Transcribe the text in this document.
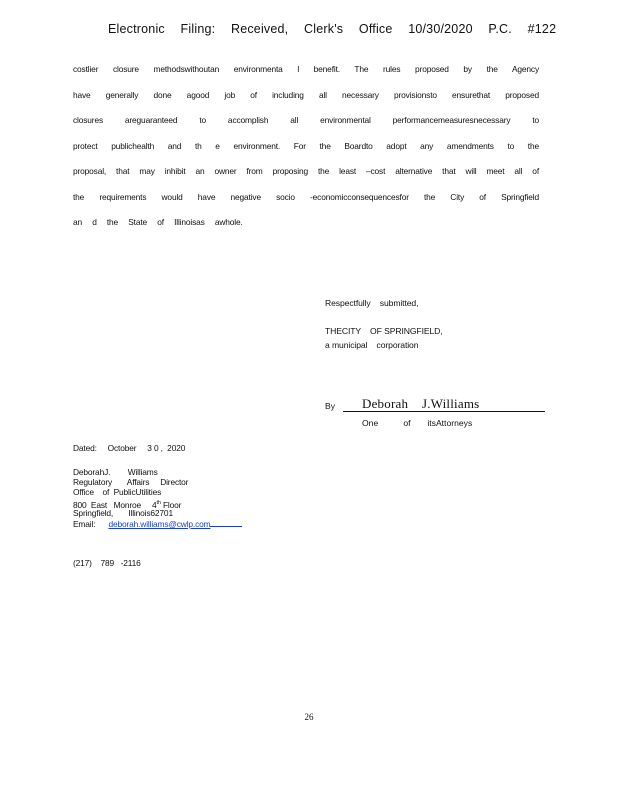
Electronic Filing: Received, Clerk's Office 10/30/2020 P.C. #122
costlier closure methodswithoutan environmenta l benefit. The rules proposed by the Agency
have generally done agood job of including all necessary provisionsto ensurethat proposed
closures areguaranteed to accomplish all environmental performancemeasuresnecessary to
protect publichealth and th e environment. For the Boardto adopt any amendments to the
proposal, that may inhibit an owner from proposing the least –cost alternative that will meet all of
the requirements would have negative socio -economicconsequencesfor the City of Springfield
an d the State of Illinoisas awhole.
Respectfully    submitted,
THECITY    OF SPRINGFIELD,
a municipal    corporation
By Deborah    J.Williams
One   of  itsAttorneys
Dated:     October     3 0 ,  2020
DeborahJ.        Williams
Regulatory       Affairs     Director
Office    of  PublicUtilities
800  East   Monroe     4th Floor
Springfield,       Illinois62701
Email: deborah.williams@cwlp.com
(217)    789   -2116
26
